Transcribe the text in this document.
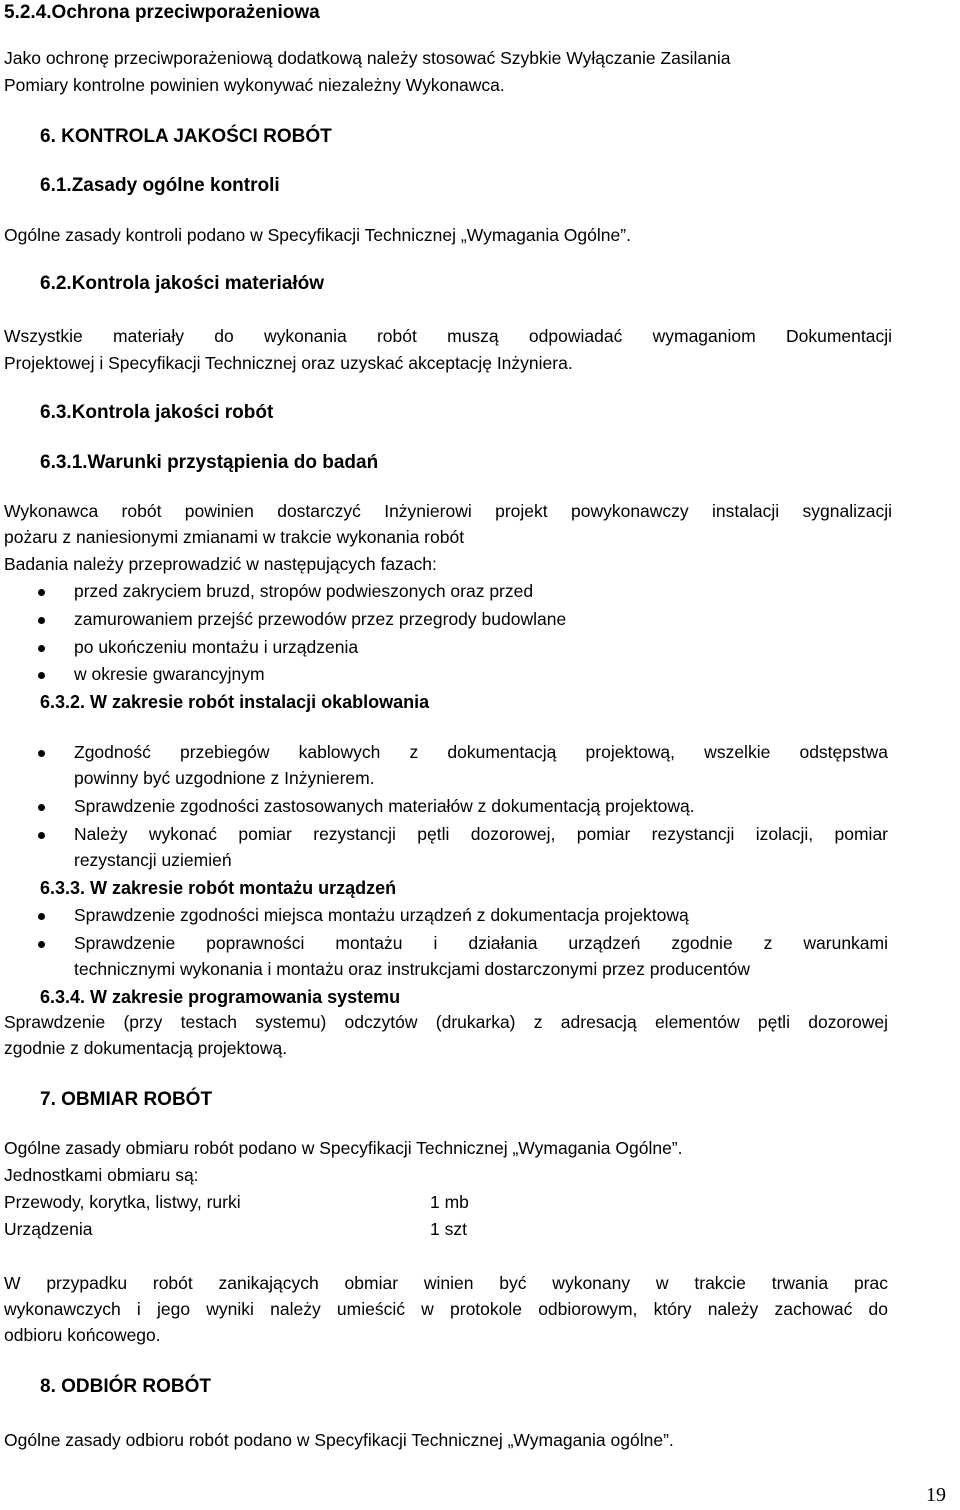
5.2.4.Ochrona przeciwporażeniowa
Jako ochronę przeciwporażeniową dodatkową należy stosować Szybkie Wyłączanie Zasilania
Pomiary kontrolne powinien wykonywać niezależny Wykonawca.
6. KONTROLA JAKOŚCI ROBÓT
6.1.Zasady ogólne kontroli
Ogólne zasady kontroli podano w Specyfikacji Technicznej „Wymagania Ogólne”.
6.2.Kontrola jakości materiałów
Wszystkie materiały do wykonania robót muszą odpowiadać wymaganiom Dokumentacji
Projektowej i Specyfikacji Technicznej oraz uzyskać akceptację Inżyniera.
6.3.Kontrola jakości robót
6.3.1.Warunki przystąpienia do badań
Wykonawca robót powinien dostarczyć Inżynierowi projekt powykonawczy instalacji sygnalizacji
pożaru z naniesionymi zmianami w trakcie wykonania robót
Badania należy przeprowadzić w następujących fazach:
przed zakryciem bruzd, stropów podwieszonych oraz przed
zamurowaniem przejść przewodów przez przegrody budowlane
po ukończeniu montażu i urządzenia
w okresie gwarancyjnym
6.3.2. W zakresie robót instalacji okablowania
Zgodność przebiegów kablowych z dokumentacją projektową, wszelkie odstępstwa
powinny być uzgodnione z Inżynierem.
Sprawdzenie zgodności zastosowanych materiałów z dokumentacją projektową.
Należy wykonać pomiar rezystancji pętli dozorowej, pomiar rezystancji izolacji, pomiar
rezystancji uziemień
6.3.3. W zakresie robót montażu urządzeń
Sprawdzenie zgodności miejsca montażu urządzeń z dokumentacja projektową
Sprawdzenie poprawności montażu i działania urządzeń zgodnie z warunkami
technicznymi wykonania i montażu oraz instrukcjami dostarczonymi przez producentów
6.3.4. W zakresie programowania systemu
Sprawdzenie (przy testach systemu) odczytów (drukarka) z adresacją elementów pętli dozorowej
zgodnie z dokumentacją projektową.
7. OBMIAR ROBÓT
Ogólne zasady obmiaru robót podano w Specyfikacji Technicznej „Wymagania Ogólne”.
Jednostkami obmiaru są:
Przewody, korytka, listwy, rurki	1 mb
Urządzenia	1 szt
W przypadku robót zanikających obmiar winien być wykonany w trakcie trwania prac
wykonawczych i jego wyniki należy umieścić w protokole odbiorowym, który należy zachować do
odbioru końcowego.
8. ODBIÓR ROBÓT
Ogólne zasady odbioru robót podano w Specyfikacji Technicznej „Wymagania ogólne”.
19
